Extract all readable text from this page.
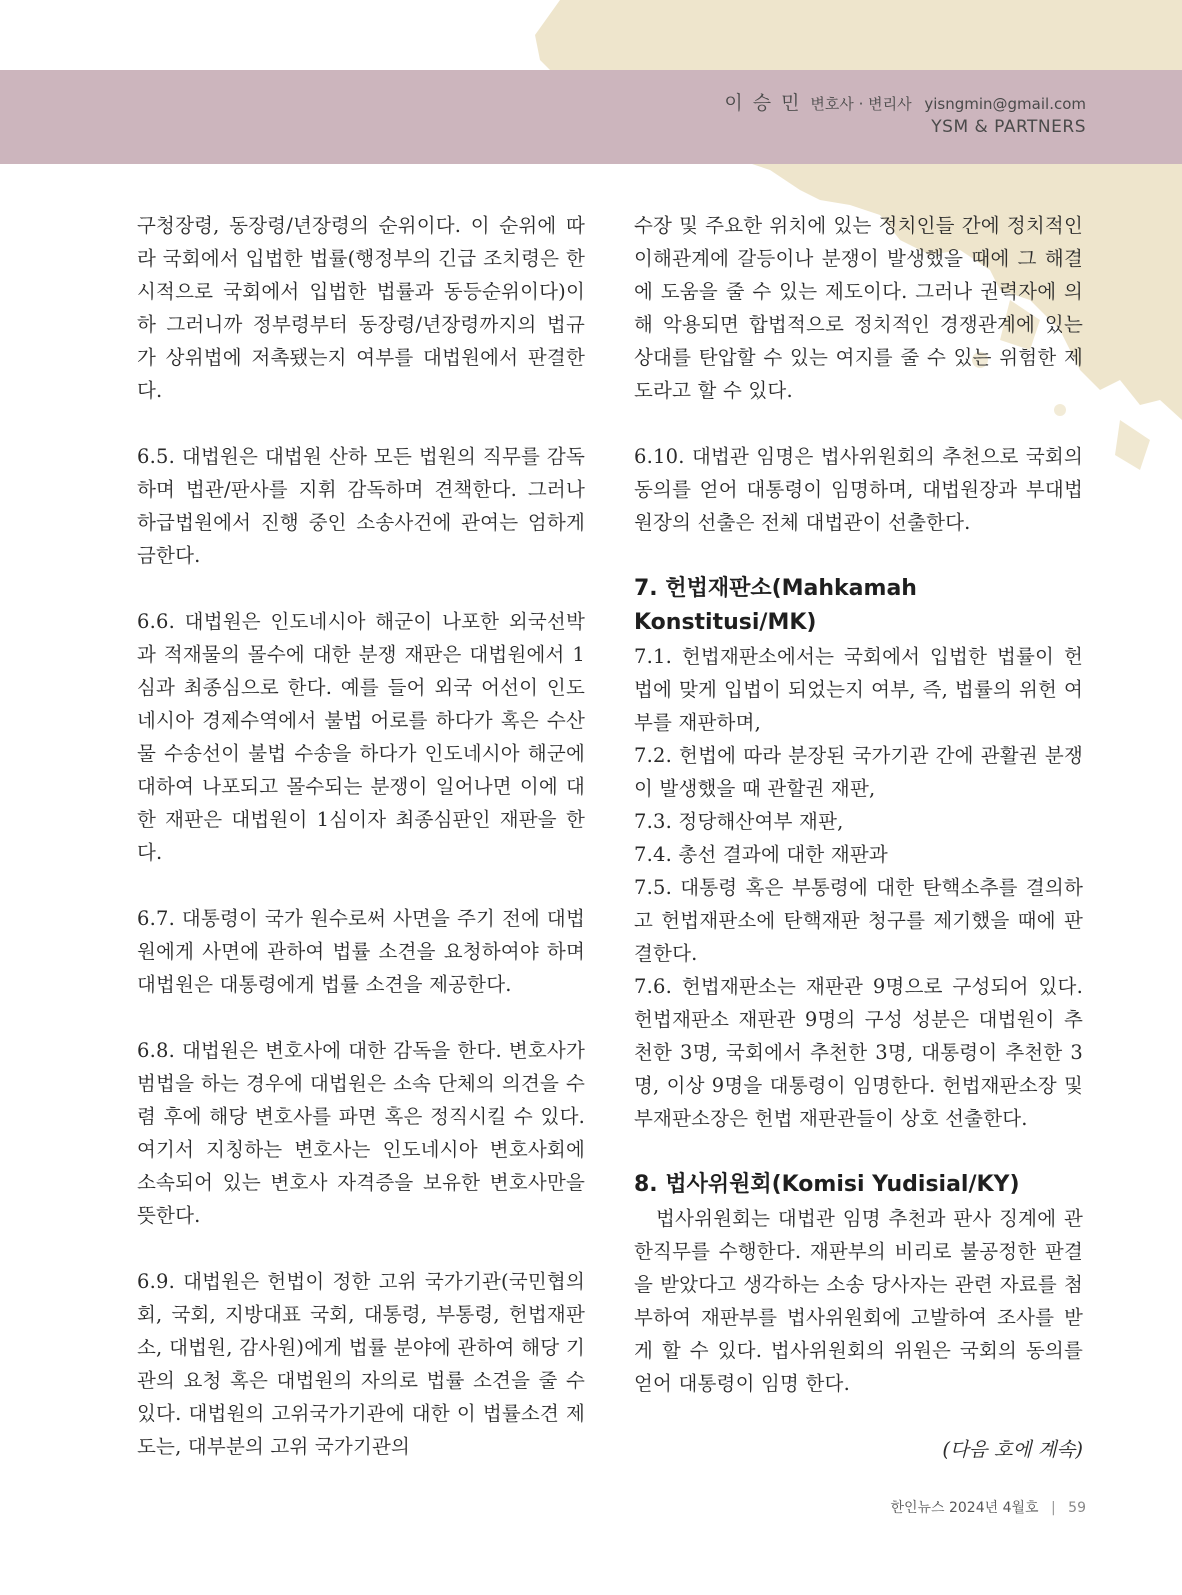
이 승 민 변호사 · 변리사 yisngmin@gmail.com
YSM & PARTNERS

구청장령, 동장령/년장령의 순위이다. 이 순위에 따라 국회에서 입법한 법률(행정부의 긴급 조치령은 한시적으로 국회에서 입법한 법률과 동등순위이다)이하 그러니까 정부령부터 동장령/년장령까지의 법규가 상위법에 저촉됐는지 여부를 대법원에서 판결한다.

6.5. 대법원은 대법원 산하 모든 법원의 직무를 감독하며 법관/판사를 지휘 감독하며 견책한다. 그러나 하급법원에서 진행 중인 소송사건에 관여는 엄하게 금한다.

6.6. 대법원은 인도네시아 해군이 나포한 외국선박과 적재물의 몰수에 대한 분쟁 재판은 대법원에서 1심과 최종심으로 한다. 예를 들어 외국 어선이 인도네시아 경제수역에서 불법 어로를 하다가 혹은 수산물 수송선이 불법 수송을 하다가 인도네시아 해군에 대하여 나포되고 몰수되는 분쟁이 일어나면 이에 대한 재판은 대법원이 1심이자 최종심판인 재판을 한다.

6.7. 대통령이 국가 원수로써 사면을 주기 전에 대법원에게 사면에 관하여 법률 소견을 요청하여야 하며 대법원은 대통령에게 법률 소견을 제공한다.

6.8. 대법원은 변호사에 대한 감독을 한다. 변호사가 범법을 하는 경우에 대법원은 소속 단체의 의견을 수렴 후에 해당 변호사를 파면 혹은 정직시킬 수 있다. 여기서 지칭하는 변호사는 인도네시아 변호사회에 소속되어 있는 변호사 자격증을 보유한 변호사만을 뜻한다.

6.9. 대법원은 헌법이 정한 고위 국가기관(국민협의회, 국회, 지방대표 국회, 대통령, 부통령, 헌법재판소, 대법원, 감사원)에게 법률 분야에 관하여 해당 기관의 요청 혹은 대법원의 자의로 법률 소견을 줄 수 있다. 대법원의 고위국가기관에 대한 이 법률소견 제도는, 대부분의 고위 국가기관의

수장 및 주요한 위치에 있는 정치인들 간에 정치적인 이해관계에 갈등이나 분쟁이 발생했을 때에 그 해결에 도움을 줄 수 있는 제도이다. 그러나 권력자에 의해 악용되면 합법적으로 정치적인 경쟁관계에 있는 상대를 탄압할 수 있는 여지를 줄 수 있는 위험한 제도라고 할 수 있다.

6.10. 대법관 임명은 법사위원회의 추천으로 국회의 동의를 얻어 대통령이 임명하며, 대법원장과 부대법원장의 선출은 전체 대법관이 선출한다.

7. 헌법재판소(Mahkamah Konstitusi/MK)

7.1. 헌법재판소에서는 국회에서 입법한 법률이 헌법에 맞게 입법이 되었는지 여부, 즉, 법률의 위헌 여부를 재판하며,

7.2. 헌법에 따라 분장된 국가기관 간에 관활권 분쟁이 발생했을 때 관할권 재판,

7.3. 정당해산여부 재판,

7.4. 총선 결과에 대한 재판과

7.5. 대통령 혹은 부통령에 대한 탄핵소추를 결의하고 헌법재판소에 탄핵재판 청구를 제기했을 때에 판결한다.

7.6. 헌법재판소는 재판관 9명으로 구성되어 있다. 헌법재판소 재판관 9명의 구성 성분은 대법원이 추천한 3명, 국회에서 추천한 3명, 대통령이 추천한 3명, 이상 9명을 대통령이 임명한다. 헌법재판소장 및 부재판소장은 헌법 재판관들이 상호 선출한다.

8. 법사위원회(Komisi Yudisial/KY)

법사위원회는 대법관 임명 추천과 판사 징계에 관한직무를 수행한다. 재판부의 비리로 불공정한 판결을 받았다고 생각하는 소송 당사자는 관련 자료를 첨부하여 재판부를 법사위원회에 고발하여 조사를 받게 할 수 있다. 법사위원회의 위원은 국회의 동의를 얻어 대통령이 임명 한다.

(다음 호에 계속)

한인뉴스 2024년 4월호 | 59
